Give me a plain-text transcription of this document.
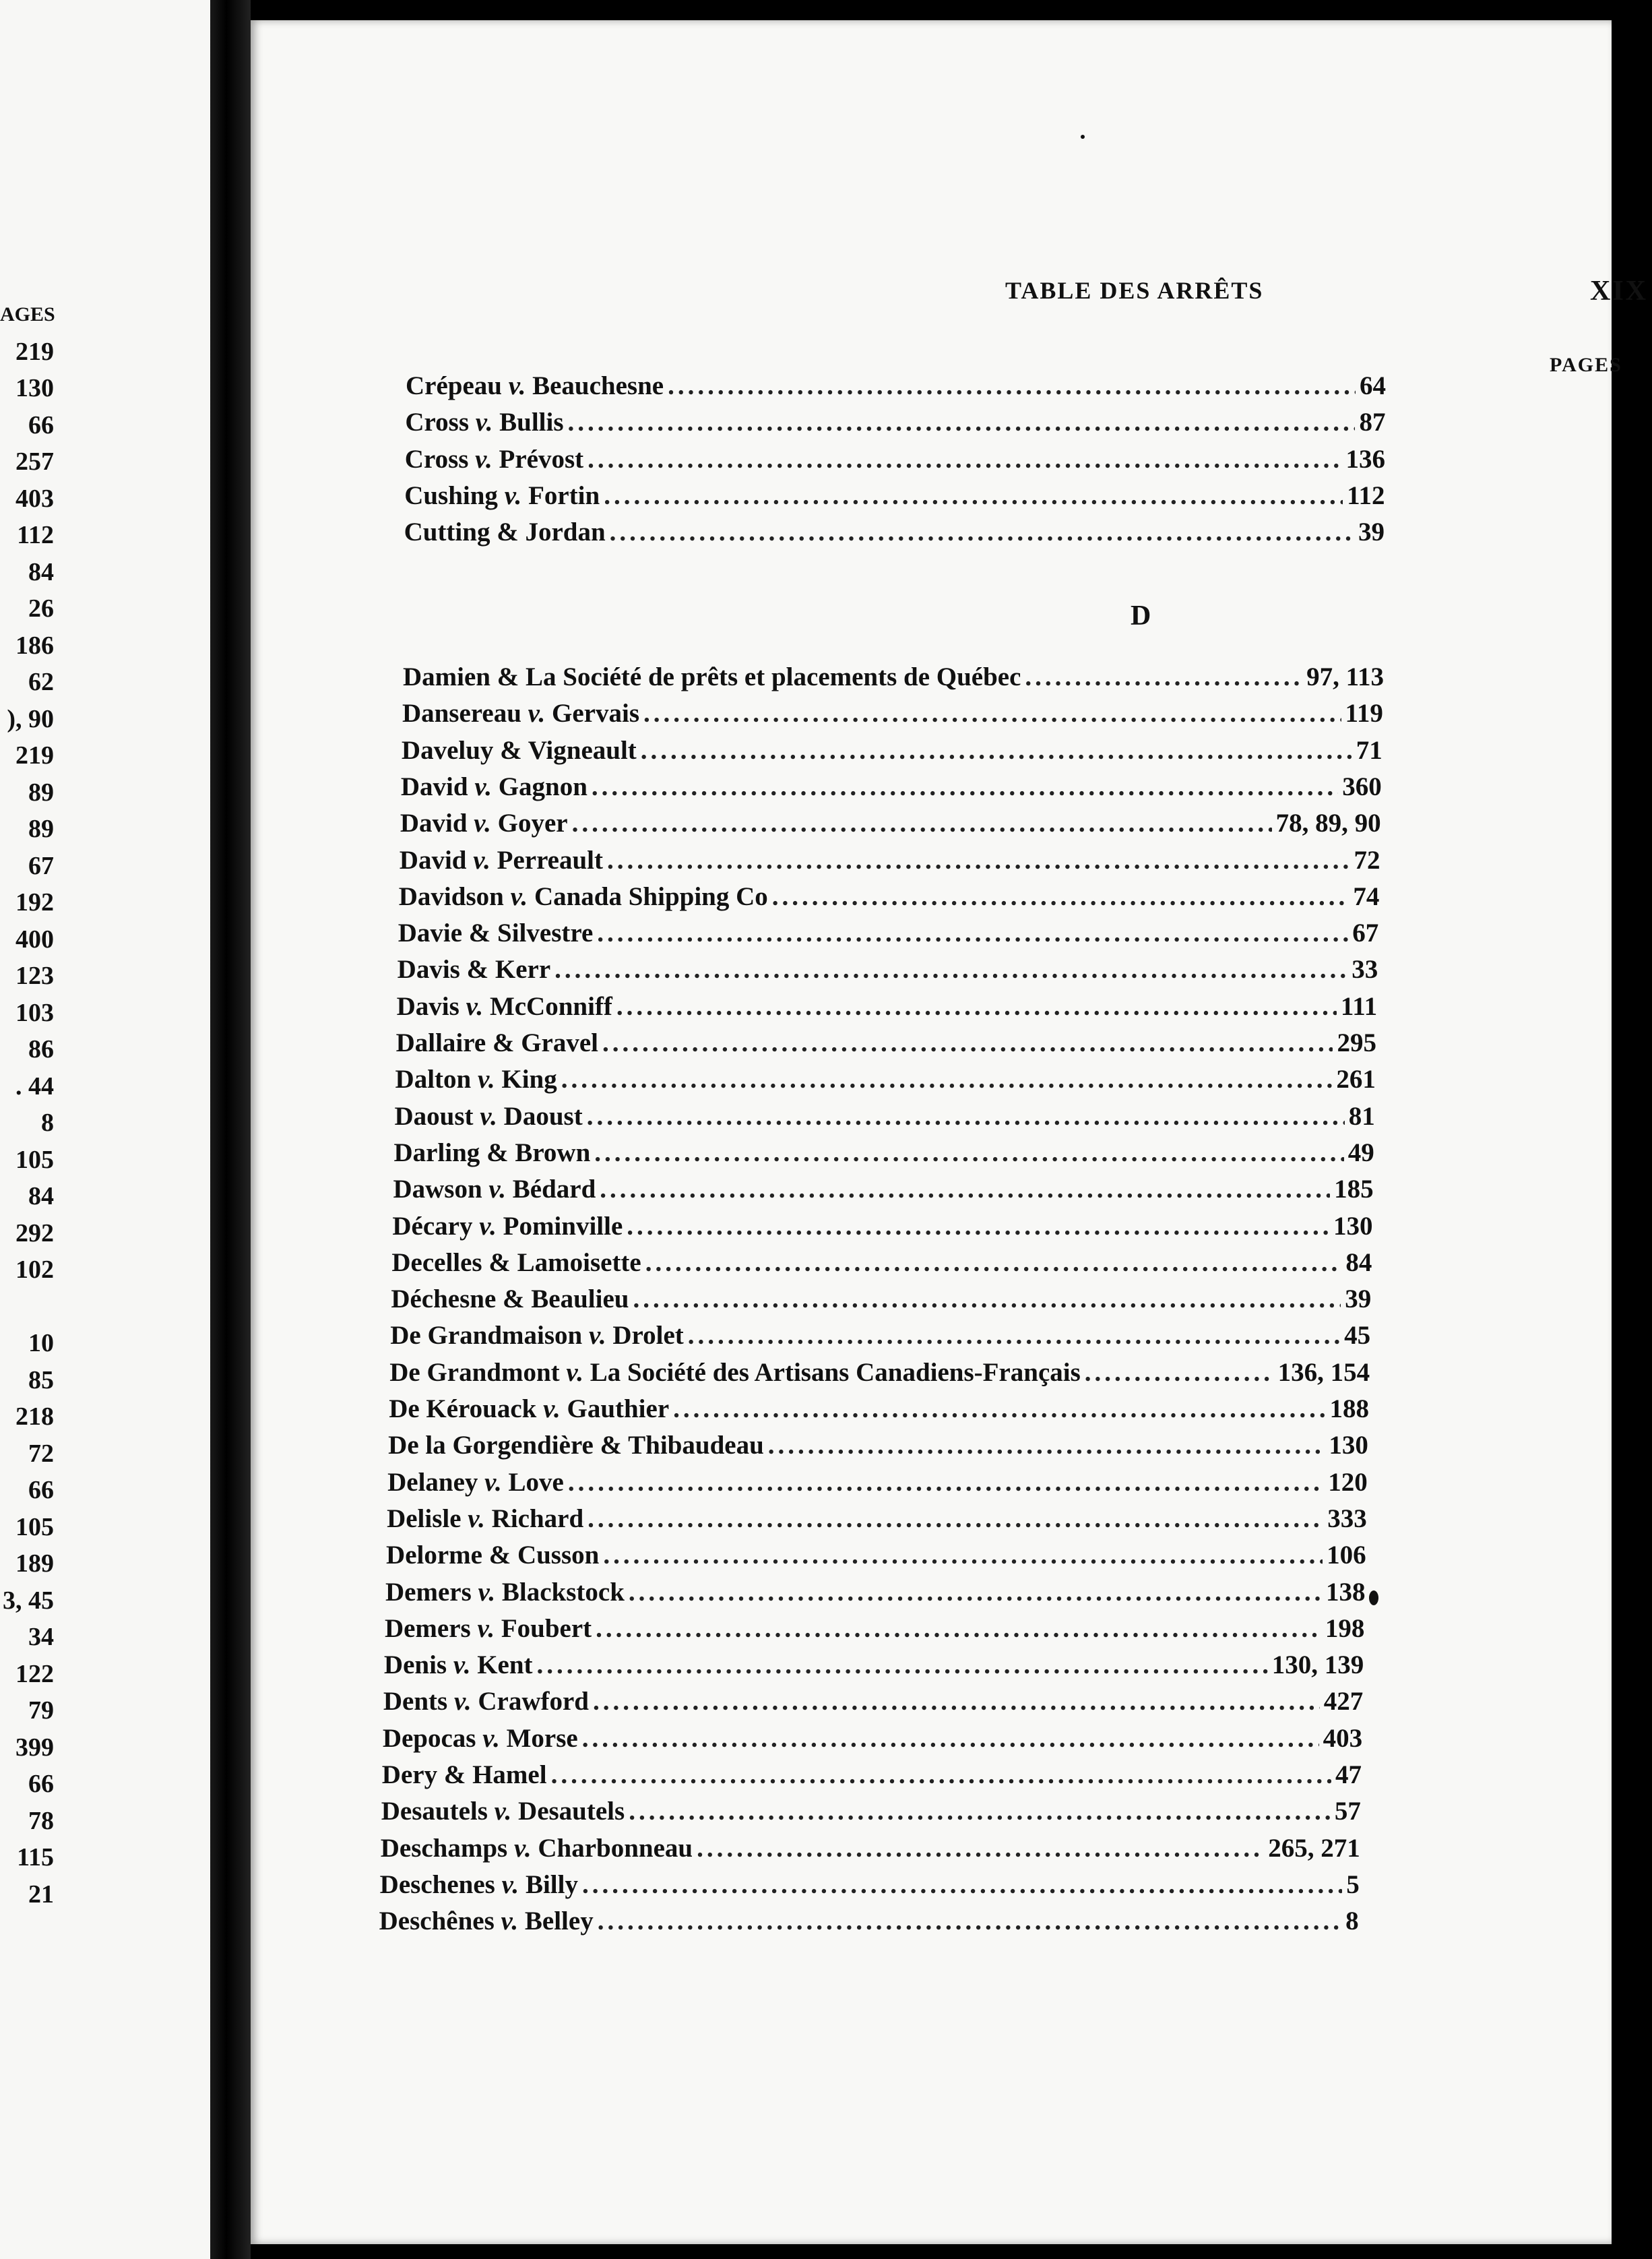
AGES
219
130
66
257
403
112
84
26
186
62
), 90
219
89
89
67
192
400
123
103
86
. 44
8
105
84
292
102

10
85
218
72
66
105
189
3, 45
34
122
79
399
66
78
115
21
TABLE DES ARRÊTS	XIX
PAGES
D
Crépeau v. Beauchesne .....	64
Cross v. Bullis .....	87
Cross v. Prévost .....	136
Cushing v. Fortin .....	112
Cutting & Jordan .....	39
Damien & La Société de prêts et placements de Québec .....	97, 113
Dansereau v. Gervais .....	119
Daveluy & Vigneault .....	71
David v. Gagnon .....	360
David v. Goyer .....	78, 89, 90
David v. Perreault .....	72
Davidson v. Canada Shipping Co .....	74
Davie & Silvestre .....	67
Davis & Kerr .....	33
Davis v. McConniff .....	111
Dallaire & Gravel .....	295
Dalton v. King .....	261
Daoust v. Daoust .....	81
Darling & Brown .....	49
Dawson v. Bédard .....	185
Décary v. Pominville .....	130
Decelles & Lamoisette .....	84
Déchesne & Beaulieu .....	39
De Grandmaison v. Drolet .....	45
De Grandmont v. La Société des Artisans Canadiens-Français .....	136, 154
De Kérouack v. Gauthier .....	188
De la Gorgendière & Thibaudeau .....	130
Delaney v. Love .....	120
Delisle v. Richard .....	333
Delorme & Cusson .....	106
Demers v. Blackstock .....	138
Demers v. Foubert .....	198
Denis v. Kent .....	130, 139
Dents v. Crawford .....	427
Depocas v. Morse .....	403
Dery & Hamel .....	47
Desautels v. Desautels .....	57
Deschamps v. Charbonneau .....	265, 271
Deschenes v. Billy .....	5
Deschênes v. Belley .....	8
